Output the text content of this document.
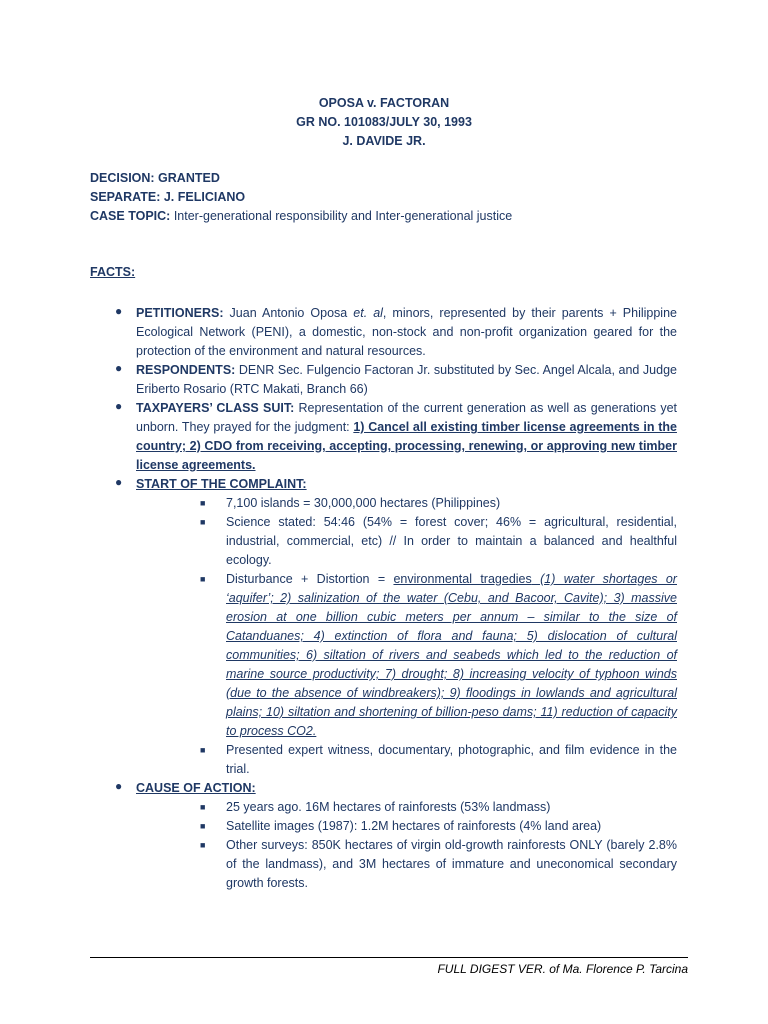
OPOSA v. FACTORAN
GR NO. 101083/JULY 30, 1993
J. DAVIDE JR.
DECISION: GRANTED
SEPARATE: J. FELICIANO
CASE TOPIC: Inter-generational responsibility and Inter-generational justice
FACTS:
● PETITIONERS: Juan Antonio Oposa et. al, minors, represented by their parents + Philippine Ecological Network (PENI), a domestic, non-stock and non-profit organization geared for the protection of the environment and natural resources.
● RESPONDENTS: DENR Sec. Fulgencio Factoran Jr. substituted by Sec. Angel Alcala, and Judge Eriberto Rosario (RTC Makati, Branch 66)
● TAXPAYERS’ CLASS SUIT: Representation of the current generation as well as generations yet unborn. They prayed for the judgment: 1) Cancel all existing timber license agreements in the country; 2) CDO from receiving, accepting, processing, renewing, or approving new timber license agreements.
● START OF THE COMPLAINT:
■ 7,100 islands = 30,000,000 hectares (Philippines)
■ Science stated: 54:46 (54% = forest cover; 46% = agricultural, residential, industrial, commercial, etc) // In order to maintain a balanced and healthful ecology.
■ Disturbance + Distortion = environmental tragedies (1) water shortages or ‘aquifer’; 2) salinization of the water (Cebu, and Bacoor, Cavite); 3) massive erosion at one billion cubic meters per annum – similar to the size of Catanduanes; 4) extinction of flora and fauna; 5) dislocation of cultural communities; 6) siltation of rivers and seabeds which led to the reduction of marine source productivity; 7) drought; 8) increasing velocity of typhoon winds (due to the absence of windbreakers); 9) floodings in lowlands and agricultural plains; 10) siltation and shortening of billion-peso dams; 11) reduction of capacity to process CO2.
■ Presented expert witness, documentary, photographic, and film evidence in the trial.
● CAUSE OF ACTION:
■ 25 years ago. 16M hectares of rainforests (53% landmass)
■ Satellite images (1987): 1.2M hectares of rainforests (4% land area)
■ Other surveys: 850K hectares of virgin old-growth rainforests ONLY (barely 2.8% of the landmass), and 3M hectares of immature and uneconomical secondary growth forests.
FULL DIGEST VER. of Ma. Florence P. Tarcina
